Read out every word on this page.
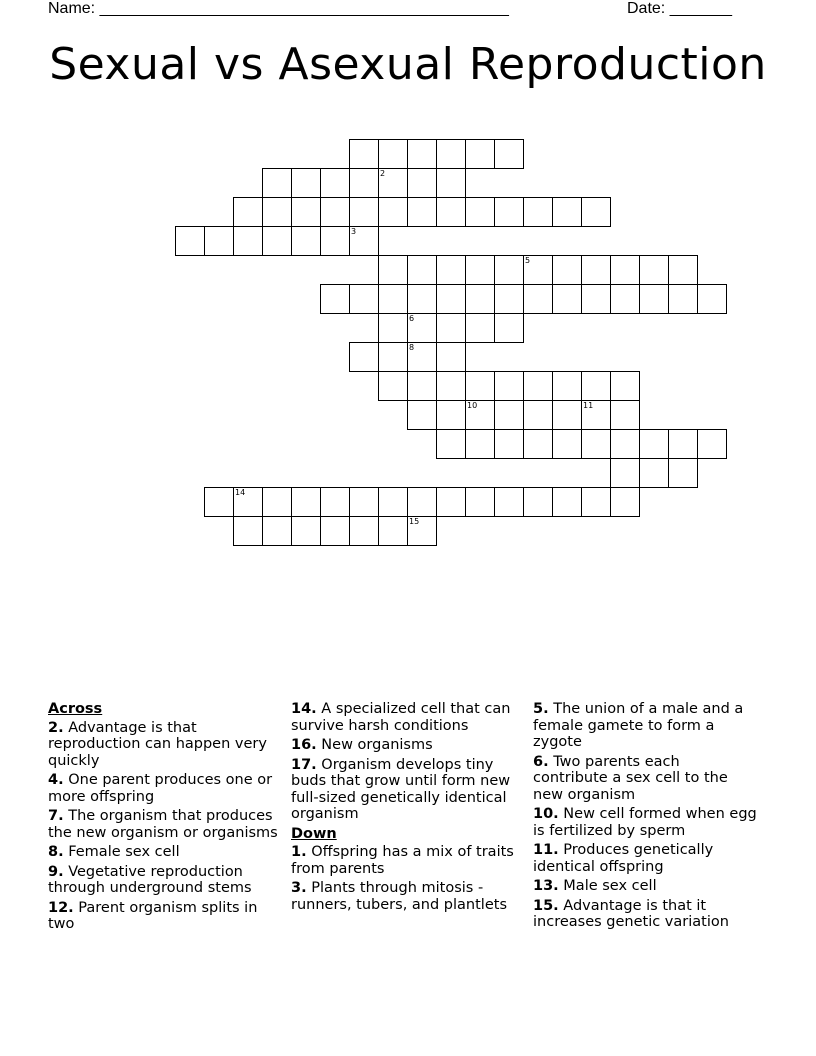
Name: ______________________________________________	Date: _______
Sexual vs Asexual Reproduction
2
3
5
6
8
10	11
14
15
Across
2. Advantage is that reproduction can happen very quickly
4. One parent produces one or more offspring
7. The organism that produces the new organism or organisms
8. Female sex cell
9. Vegetative reproduction through underground stems
12. Parent organism splits in two
14. A specialized cell that can survive harsh conditions
16. New organisms
17. Organism develops tiny buds that grow until form new full-sized genetically identical organism
Down
1. Offspring has a mix of traits from parents
3. Plants through mitosis - runners, tubers, and plantlets
5. The union of a male and a female gamete to form a zygote
6. Two parents each contribute a sex cell to the new organism
10. New cell formed when egg is fertilized by sperm
11. Produces genetically identical offspring
13. Male sex cell
15. Advantage is that it increases genetic variation
